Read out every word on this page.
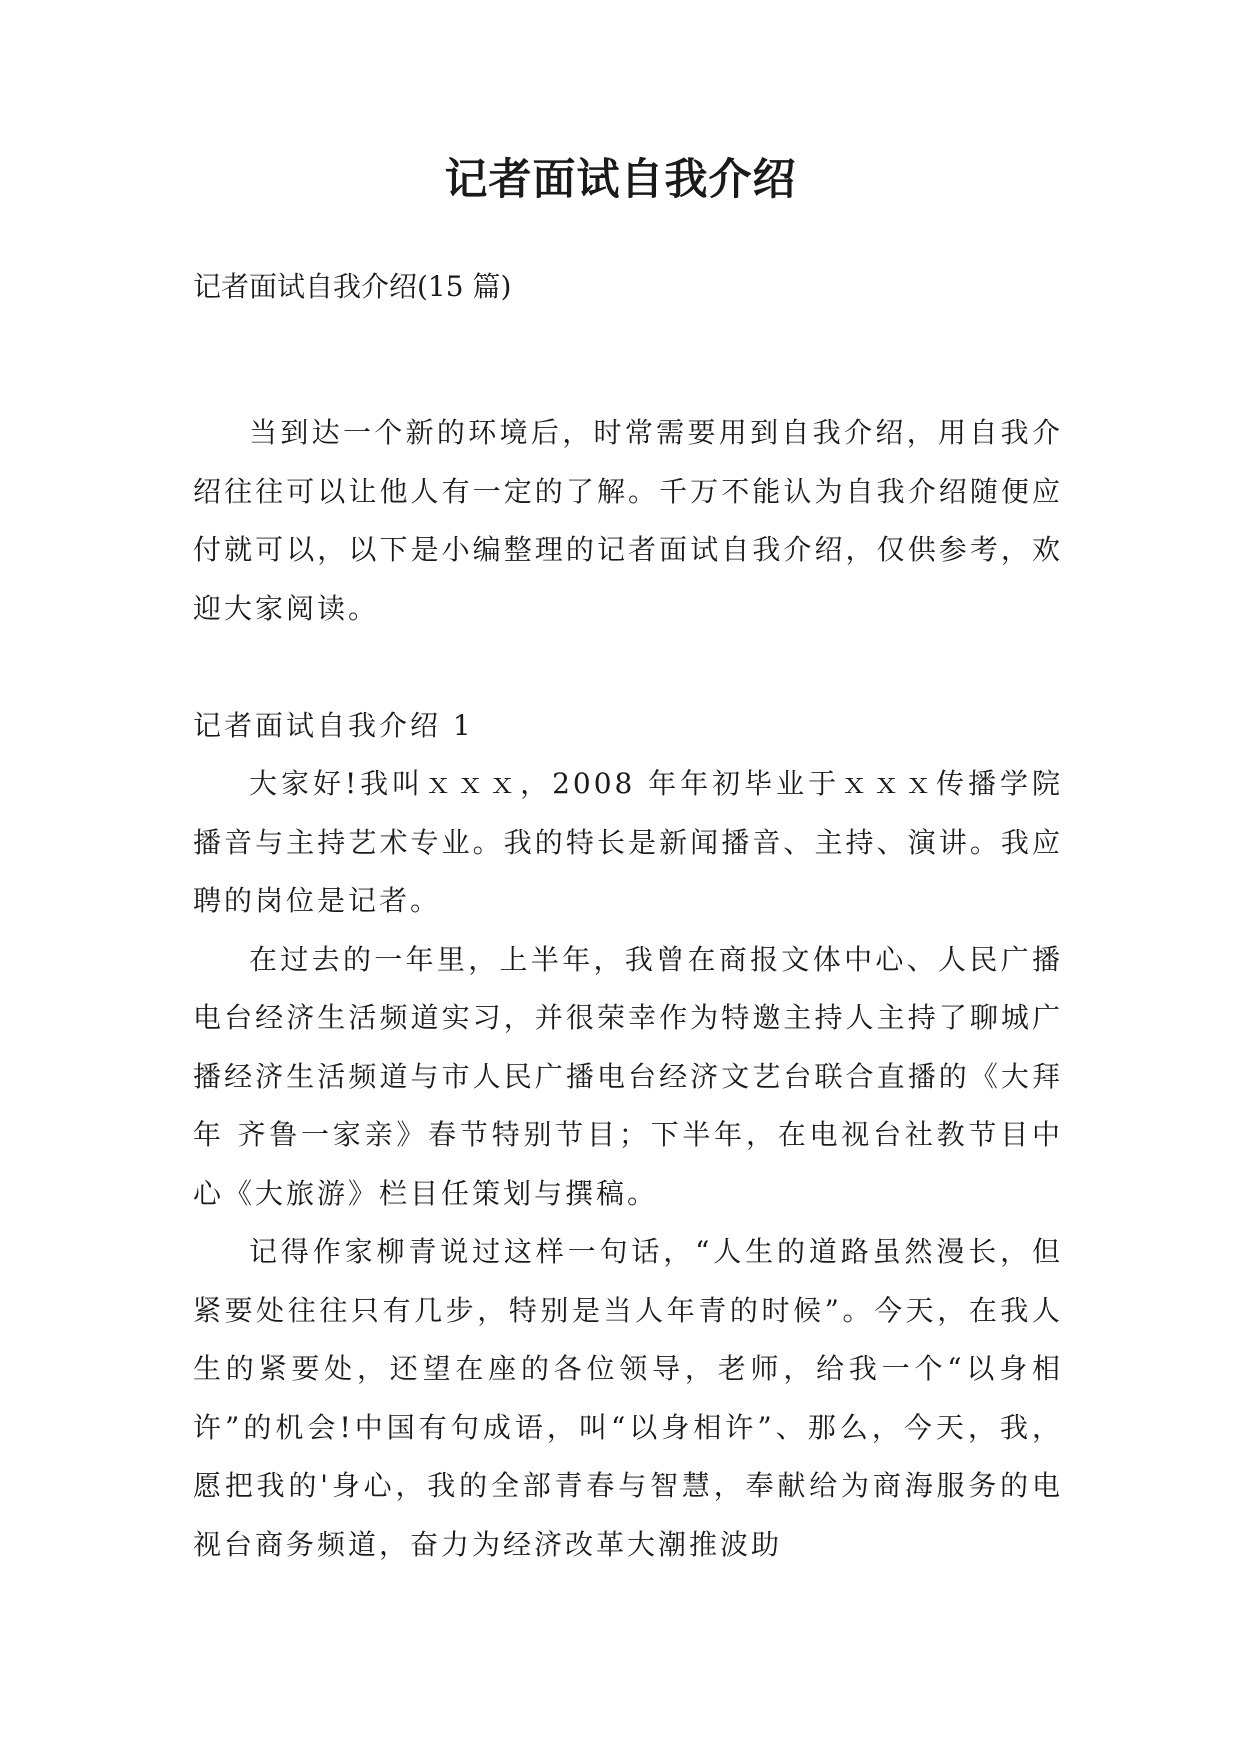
记者面试自我介绍

记者面试自我介绍(15 篇)

当到达一个新的环境后，时常需要用到自我介绍，用自我介绍往往可以让他人有一定的了解。千万不能认为自我介绍随便应付就可以，以下是小编整理的记者面试自我介绍，仅供参考，欢迎大家阅读。

记者面试自我介绍 1

大家好!我叫ｘｘｘ，2008 年年初毕业于ｘｘｘ传播学院播音与主持艺术专业。我的特长是新闻播音、主持、演讲。我应聘的岗位是记者。

在过去的一年里，上半年，我曾在商报文体中心、人民广播电台经济生活频道实习，并很荣幸作为特邀主持人主持了聊城广播经济生活频道与市人民广播电台经济文艺台联合直播的《大拜年 齐鲁一家亲》春节特别节目；下半年，在电视台社教节目中心《大旅游》栏目任策划与撰稿。

记得作家柳青说过这样一句话，“人生的道路虽然漫长，但紧要处往往只有几步，特别是当人年青的时候”。今天，在我人生的紧要处，还望在座的各位领导，老师，给我一个“以身相许”的机会!中国有句成语，叫“以身相许”、那么，今天，我，愿把我的'身心，我的全部青春与智慧，奉献给为商海服务的电视台商务频道，奋力为经济改革大潮推波助
